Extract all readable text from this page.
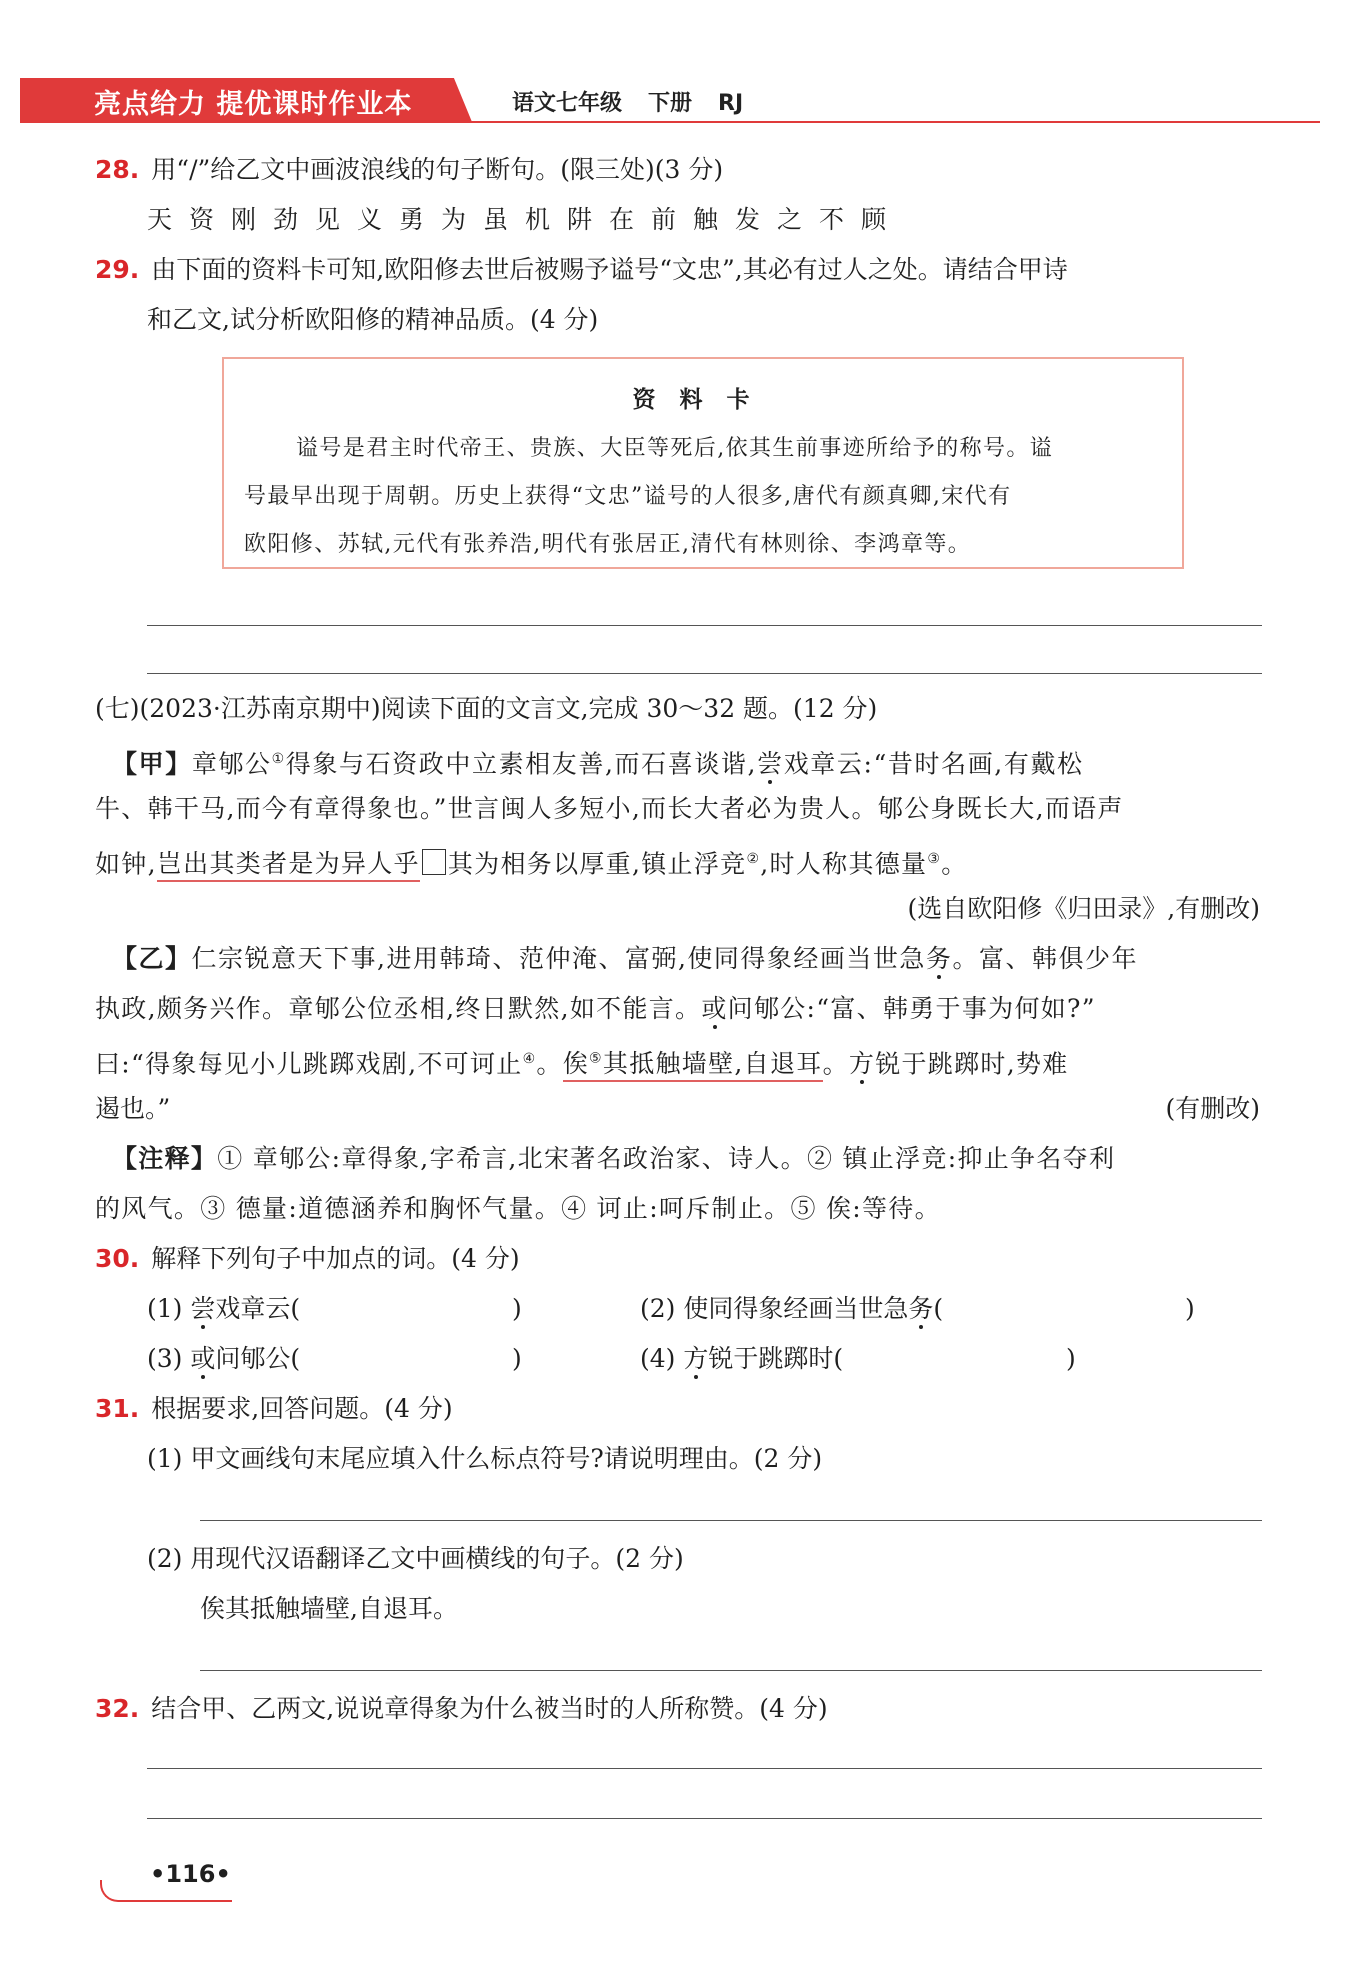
亮点给力 提优课时作业本	语文七年级 下册 RJ
28. 用“/”给乙文中画波浪线的句子断句。(限三处)(3 分)
天资刚劲见义勇为虽机阱在前触发之不顾
29. 由下面的资料卡可知,欧阳修去世后被赐予谥号“文忠”,其必有过人之处。请结合甲诗
和乙文,试分析欧阳修的精神品质。(4 分)
资料卡
谥号是君主时代帝王、贵族、大臣等死后,依其生前事迹所给予的称号。谥
号最早出现于周朝。历史上获得“文忠”谥号的人很多,唐代有颜真卿,宋代有
欧阳修、苏轼,元代有张养浩,明代有张居正,清代有林则徐、李鸿章等。
(七)(2023·江苏南京期中)阅读下面的文言文,完成 30～32 题。(12 分)
【甲】章郇公①得象与石资政中立素相友善,而石喜谈谐,尝戏章云:“昔时名画,有戴松
牛、韩干马,而今有章得象也。”世言闽人多短小,而长大者必为贵人。郇公身既长大,而语声
如钟,岂出其类者是为异人乎 其为相务以厚重,镇止浮竞②,时人称其德量③。
(选自欧阳修《归田录》,有删改)
【乙】仁宗锐意天下事,进用韩琦、范仲淹、富弼,使同得象经画当世急务。富、韩俱少年
执政,颇务兴作。章郇公位丞相,终日默然,如不能言。或问郇公:“富、韩勇于事为何如?”
曰:“得象每见小儿跳踯戏剧,不可诃止④。俟⑤其抵触墙壁,自退耳。方锐于跳踯时,势难
遏也。”	(有删改)
【注释】① 章郇公:章得象,字希言,北宋著名政治家、诗人。② 镇止浮竞:抑止争名夺利
的风气。③ 德量:道德涵养和胸怀气量。④ 诃止:呵斥制止。⑤ 俟:等待。
30. 解释下列句子中加点的词。(4 分)
(1) 尝戏章云(	)	(2) 使同得象经画当世急务(	)
(3) 或问郇公(	)	(4) 方锐于跳踯时(	)
31. 根据要求,回答问题。(4 分)
(1) 甲文画线句末尾应填入什么标点符号?请说明理由。(2 分)
(2) 用现代汉语翻译乙文中画横线的句子。(2 分)
俟其抵触墙壁,自退耳。
32. 结合甲、乙两文,说说章得象为什么被当时的人所称赞。(4 分)
•116•
